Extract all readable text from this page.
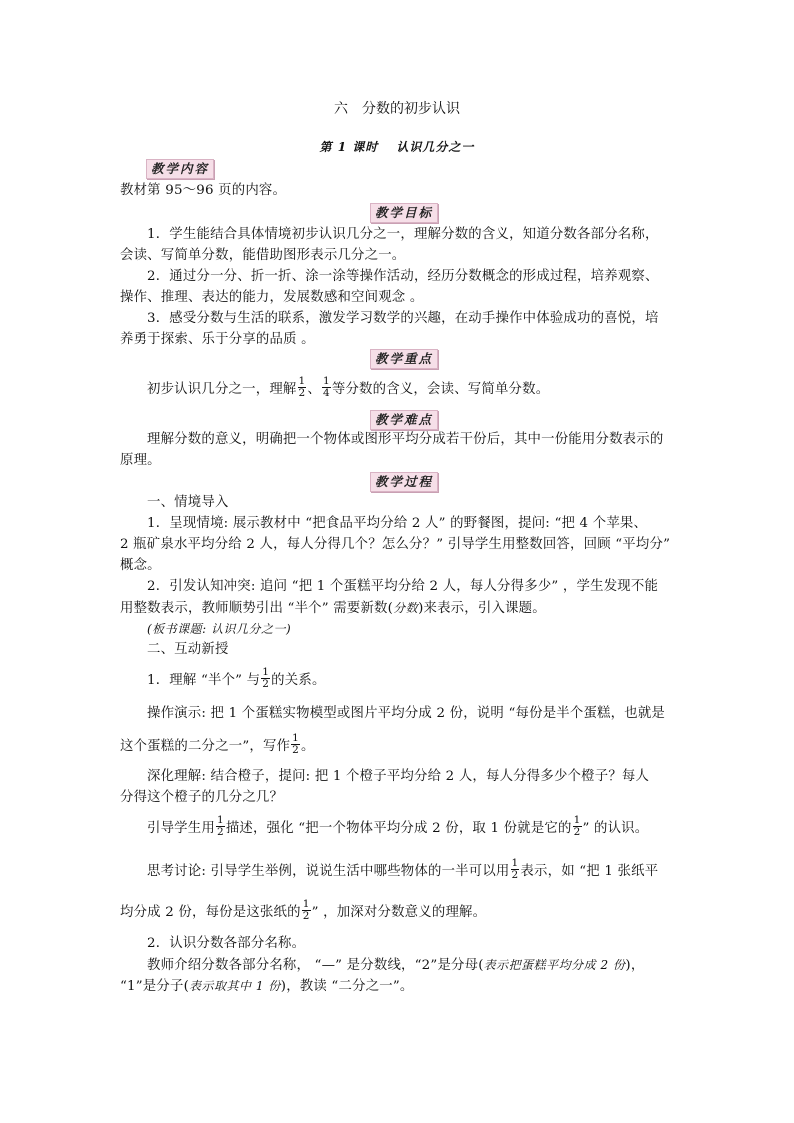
六　分数的初步认识
第 1 课时　 认识几分之一
教学内容
教材第 95～96 页的内容。
教学目标
1．学生能结合具体情境初步认识几分之一，理解分数的含义，知道分数各部分名称，
会读、写简单分数，能借助图形表示几分之一。
2．通过分一分、折一折、涂一涂等操作活动，经历分数概念的形成过程，培养观察、
操作、推理、表达的能力，发展数感和空间观念 。
3．感受分数与生活的联系，激发学习数学的兴趣，在动手操作中体验成功的喜悦，培
养勇于探索、乐于分享的品质 。
教学重点
初步认识几分之一，理解 $\frac{1}{2}$ 、 $\frac{1}{4}$ 等分数的含义，会读、写简单分数。
教学难点
理解分数的意义，明确把一个物体或图形平均分成若干份后，其中一份能用分数表示的
原理。
教学过程
一、情境导入
1．呈现情境: 展示教材中 “把食品平均分给 2 人” 的野餐图，提问: “把 4 个苹果、
2 瓶矿泉水平均分给 2 人，每人分得几个？怎么分？” 引导学生用整数回答，回顾 “平均分”
概念。
2．引发认知冲突: 追问 “把 1 个蛋糕平均分给 2 人，每人分得多少” ，学生发现不能
用整数表示，教师顺势引出 “半个” 需要新数(分数)来表示，引入课题。
(板书课题: 认识几分之一)
二、互动新授
1．理解 “半个” 与 $\frac{1}{2}$ 的关系。
操作演示: 把 1 个蛋糕实物模型或图片平均分成 2 份，说明 “每份是半个蛋糕，也就是
这个蛋糕的二分之一”，写作 $\frac{1}{2}$ 。
深化理解: 结合橙子，提问: 把 1 个橙子平均分给 2 人，每人分得多少个橙子？每人
分得这个橙子的几分之几？
引导学生用 $\frac{1}{2}$ 描述，强化 “把一个物体平均分成 2 份，取 1 份就是它的 $\frac{1}{2}$ ” 的认识。
思考讨论: 引导学生举例，说说生活中哪些物体的一半可以用 $\frac{1}{2}$ 表示，如 “把 1 张纸平
均分成 2 份，每份是这张纸的 $\frac{1}{2}$ ” ，加深对分数意义的理解。
2．认识分数各部分名称。
教师介绍分数各部分名称， “—” 是分数线，“2”是分母(表示把蛋糕平均分成 2 份)，
“1”是分子(表示取其中 1 份)，教读 “二分之一”。
